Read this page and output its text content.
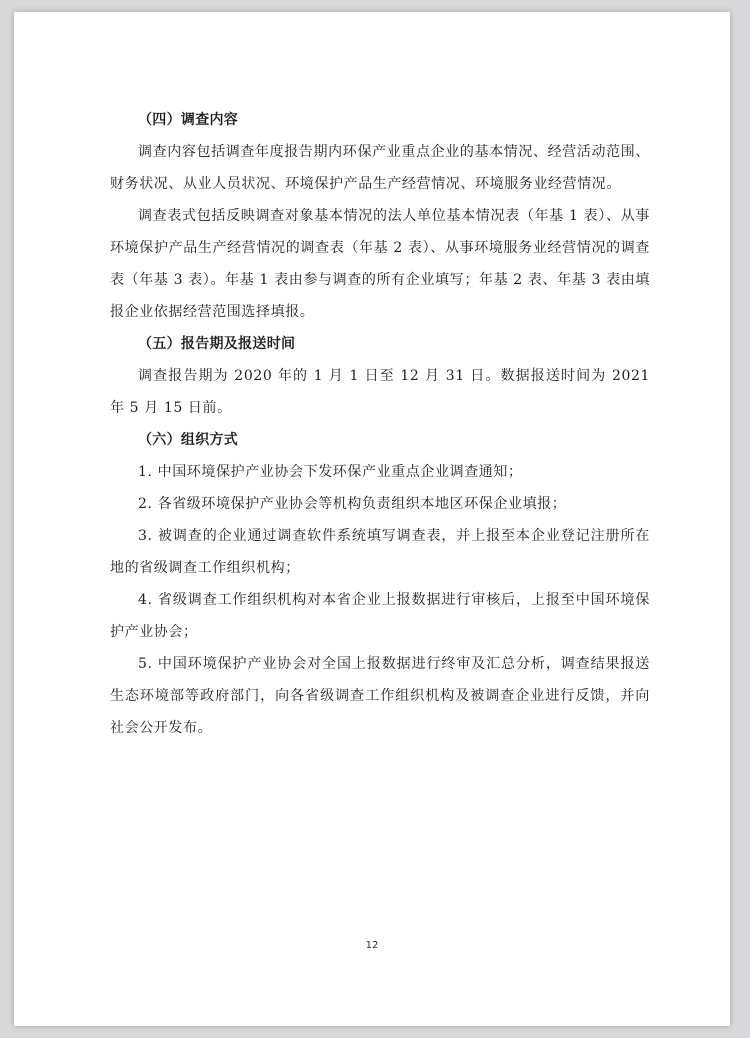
（四）调查内容

调查内容包括调查年度报告期内环保产业重点企业的基本情况、经营活动范围、财务状况、从业人员状况、环境保护产品生产经营情况、环境服务业经营情况。

调查表式包括反映调查对象基本情况的法人单位基本情况表（年基 1 表）、从事环境保护产品生产经营情况的调查表（年基 2 表）、从事环境服务业经营情况的调查表（年基 3 表）。年基 1 表由参与调查的所有企业填写；年基 2 表、年基 3 表由填报企业依据经营范围选择填报。

（五）报告期及报送时间

调查报告期为 2020 年的 1 月 1 日至 12 月 31 日。数据报送时间为 2021 年 5 月 15 日前。

（六）组织方式

1. 中国环境保护产业协会下发环保产业重点企业调查通知；

2. 各省级环境保护产业协会等机构负责组织本地区环保企业填报；

3. 被调查的企业通过调查软件系统填写调查表，并上报至本企业登记注册所在地的省级调查工作组织机构；

4. 省级调查工作组织机构对本省企业上报数据进行审核后，上报至中国环境保护产业协会；

5. 中国环境保护产业协会对全国上报数据进行终审及汇总分析，调查结果报送生态环境部等政府部门，向各省级调查工作组织机构及被调查企业进行反馈，并向社会公开发布。

12
